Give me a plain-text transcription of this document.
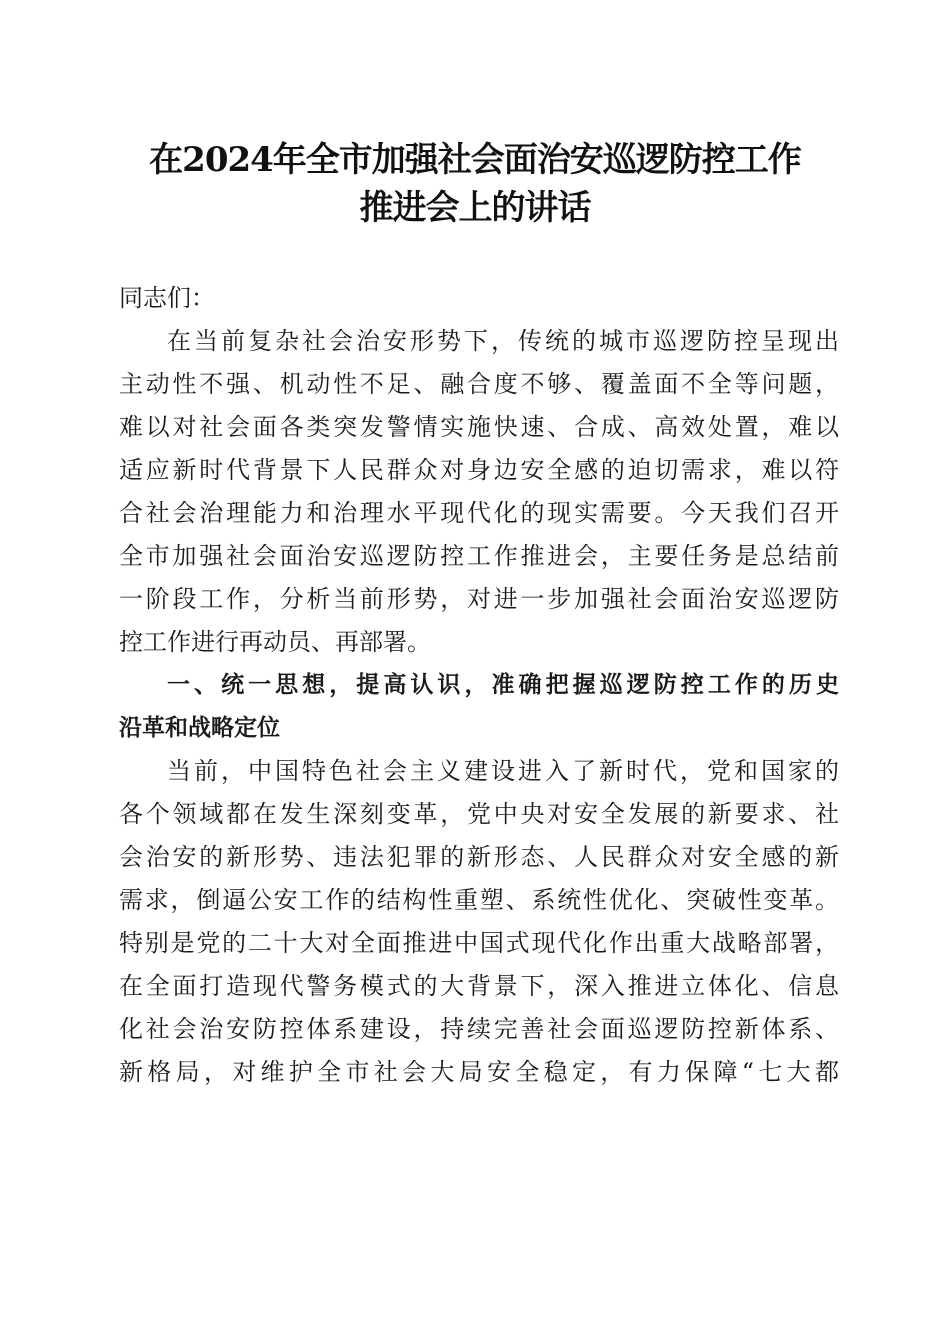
在2024年全市加强社会面治安巡逻防控工作
推进会上的讲话
同志们：
在当前复杂社会治安形势下，传统的城市巡逻防控呈现出
主动性不强、机动性不足、融合度不够、覆盖面不全等问题，
难以对社会面各类突发警情实施快速、合成、高效处置，难以
适应新时代背景下人民群众对身边安全感的迫切需求，难以符
合社会治理能力和治理水平现代化的现实需要。今天我们召开
全市加强社会面治安巡逻防控工作推进会，主要任务是总结前
一阶段工作，分析当前形势，对进一步加强社会面治安巡逻防
控工作进行再动员、再部署。
一、统一思想，提高认识，准确把握巡逻防控工作的历史
沿革和战略定位
当前，中国特色社会主义建设进入了新时代，党和国家的
各个领域都在发生深刻变革，党中央对安全发展的新要求、社
会治安的新形势、违法犯罪的新形态、人民群众对安全感的新
需求，倒逼公安工作的结构性重塑、系统性优化、突破性变革。
特别是党的二十大对全面推进中国式现代化作出重大战略部署，
在全面打造现代警务模式的大背景下，深入推进立体化、信息
化社会治安防控体系建设，持续完善社会面巡逻防控新体系、
新格局，对维护全市社会大局安全稳定，有力保障“七大都
